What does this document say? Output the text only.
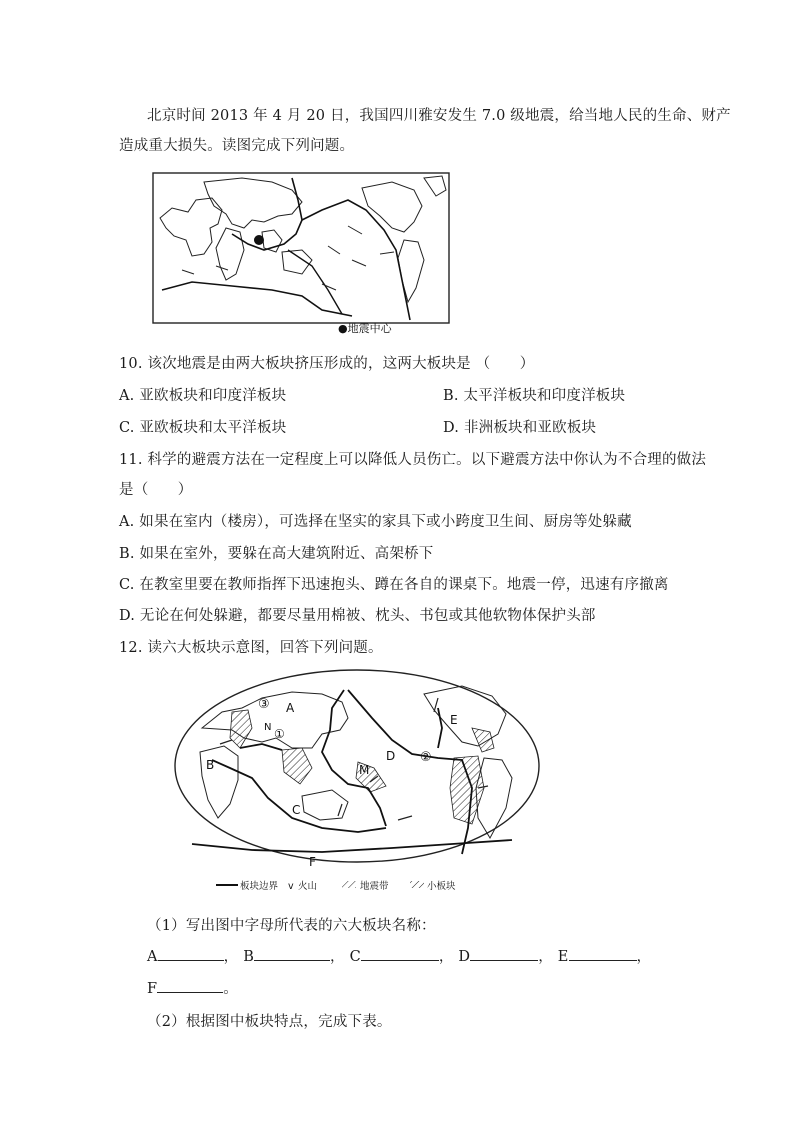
北京时间 2013 年 4 月 20 日，我国四川雅安发生 7.0 级地震，给当地人民的生命、财产
造成重大损失。读图完成下列问题。
●地震中心
10. 该次地震是由两大板块挤压形成的，这两大板块是 （　　）
A. 亚欧板块和印度洋板块	B. 太平洋板块和印度洋板块
C. 亚欧板块和太平洋板块	D. 非洲板块和亚欧板块
11. 科学的避震方法在一定程度上可以降低人员伤亡。以下避震方法中你认为不合理的做法
是（　　）
A. 如果在室内（楼房），可选择在坚实的家具下或小跨度卫生间、厨房等处躲藏
B. 如果在室外，要躲在高大建筑附近、高架桥下
C. 在教室里要在教师指挥下迅速抱头、蹲在各自的课桌下。地震一停，迅速有序撤离
D. 无论在何处躲避，都要尽量用棉被、枕头、书包或其他软物体保护头部
12. 读六大板块示意图，回答下列问题。
A
B
C
D
E
F
M
N ①
②
③
板块边界 v 火山	地震带	小板块
（1）写出图中字母所代表的六大板块名称：
A	， B	， C	， D	， E	，
F	。
（2）根据图中板块特点，完成下表。
